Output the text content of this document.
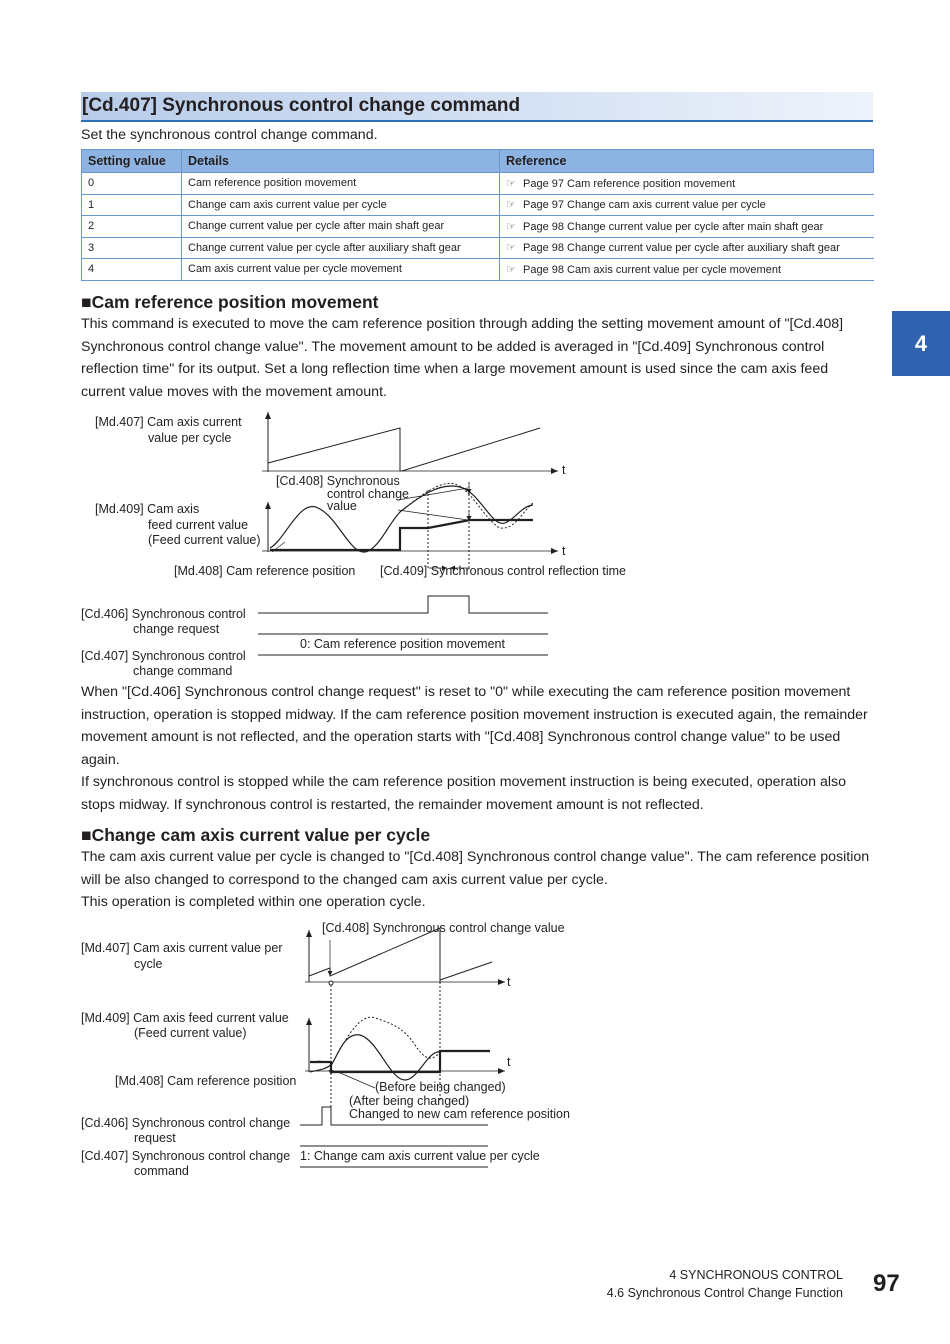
[Cd.407] Synchronous control change command
Set the synchronous control change command.
Setting value	Details	Reference
0	Cam reference position movement	☞ Page 97 Cam reference position movement
1	Change cam axis current value per cycle	☞ Page 97 Change cam axis current value per cycle
2	Change current value per cycle after main shaft gear	☞ Page 98 Change current value per cycle after main shaft gear
3	Change current value per cycle after auxiliary shaft gear	☞ Page 98 Change current value per cycle after auxiliary shaft gear
4	Cam axis current value per cycle movement	☞ Page 98 Cam axis current value per cycle movement
4
■Cam reference position movement
This command is executed to move the cam reference position through adding the setting movement amount of "[Cd.408] Synchronous control change value". The movement amount to be added is averaged in "[Cd.409] Synchronous control reflection time" for its output. Set a long reflection time when a large movement amount is used since the cam axis feed current value moves with the movement amount.
[Md.407] Cam axis current
value per cycle
t
[Cd.408] Synchronous
control change
value
[Md.409] Cam axis
feed current value
(Feed current value)
t
[Md.408] Cam reference position [Cd.409] Synchronous control reflection time
[Cd.406] Synchronous control
change request
0: Cam reference position movement
[Cd.407] Synchronous control
change command
When "[Cd.406] Synchronous control change request" is reset to "0" while executing the cam reference position movement instruction, operation is stopped midway. If the cam reference position movement instruction is executed again, the remainder movement amount is not reflected, and the operation starts with "[Cd.408] Synchronous control change value" to be used again.
If synchronous control is stopped while the cam reference position movement instruction is being executed, operation also stops midway. If synchronous control is restarted, the remainder movement amount is not reflected.
■Change cam axis current value per cycle
The cam axis current value per cycle is changed to "[Cd.408] Synchronous control change value". The cam reference position will be also changed to correspond to the changed cam axis current value per cycle.
This operation is completed within one operation cycle.
[Cd.408] Synchronous control change value
[Md.407] Cam axis current value per
cycle
t
[Md.409] Cam axis feed current value
(Feed current value)
t
[Md.408] Cam reference position	(Before being changed)
(After being changed)
Changed to new cam reference position
[Cd.406] Synchronous control change
request
[Cd.407] Synchronous control change 1: Change cam axis current value per cycle
command
4 SYNCHRONOUS CONTROL
4.6 Synchronous Control Change Function 97
